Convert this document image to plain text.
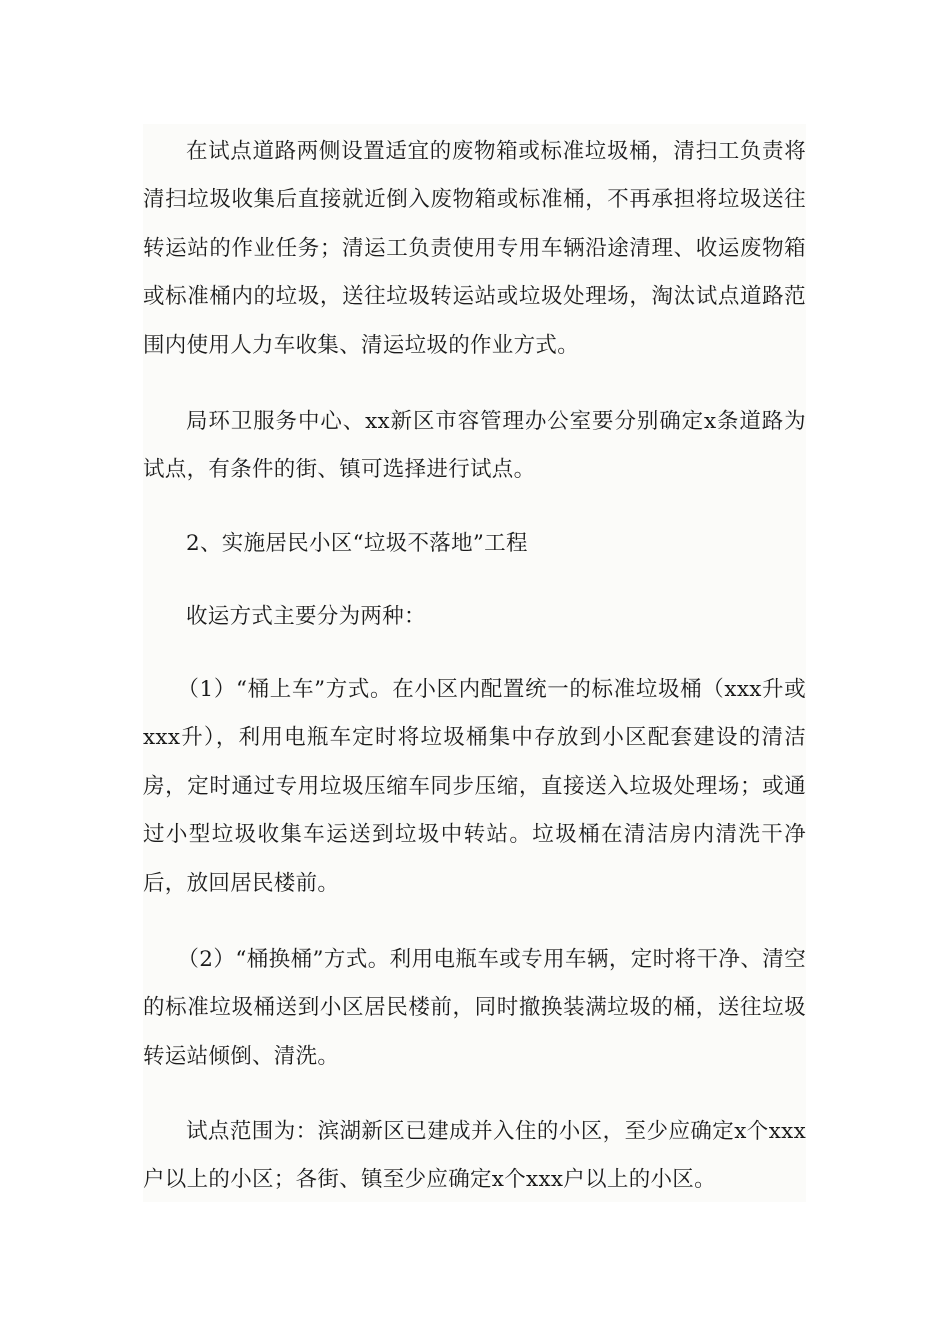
在试点道路两侧设置适宜的废物箱或标准垃圾桶，清扫工负责将清扫垃圾收集后直接就近倒入废物箱或标准桶，不再承担将垃圾送往转运站的作业任务；清运工负责使用专用车辆沿途清理、收运废物箱或标准桶内的垃圾，送往垃圾转运站或垃圾处理场，淘汰试点道路范围内使用人力车收集、清运垃圾的作业方式。

局环卫服务中心、xx新区市容管理办公室要分别确定x条道路为试点，有条件的街、镇可选择进行试点。

2、实施居民小区“垃圾不落地”工程

收运方式主要分为两种：

（1）“桶上车”方式。在小区内配置统一的标准垃圾桶（xxx升或xxx升），利用电瓶车定时将垃圾桶集中存放到小区配套建设的清洁房，定时通过专用垃圾压缩车同步压缩，直接送入垃圾处理场；或通过小型垃圾收集车运送到垃圾中转站。垃圾桶在清洁房内清洗干净后，放回居民楼前。

（2）“桶换桶”方式。利用电瓶车或专用车辆，定时将干净、清空的标准垃圾桶送到小区居民楼前，同时撤换装满垃圾的桶，送往垃圾转运站倾倒、清洗。

试点范围为：滨湖新区已建成并入住的小区，至少应确定x个xxx户以上的小区；各街、镇至少应确定x个xxx户以上的小区。
